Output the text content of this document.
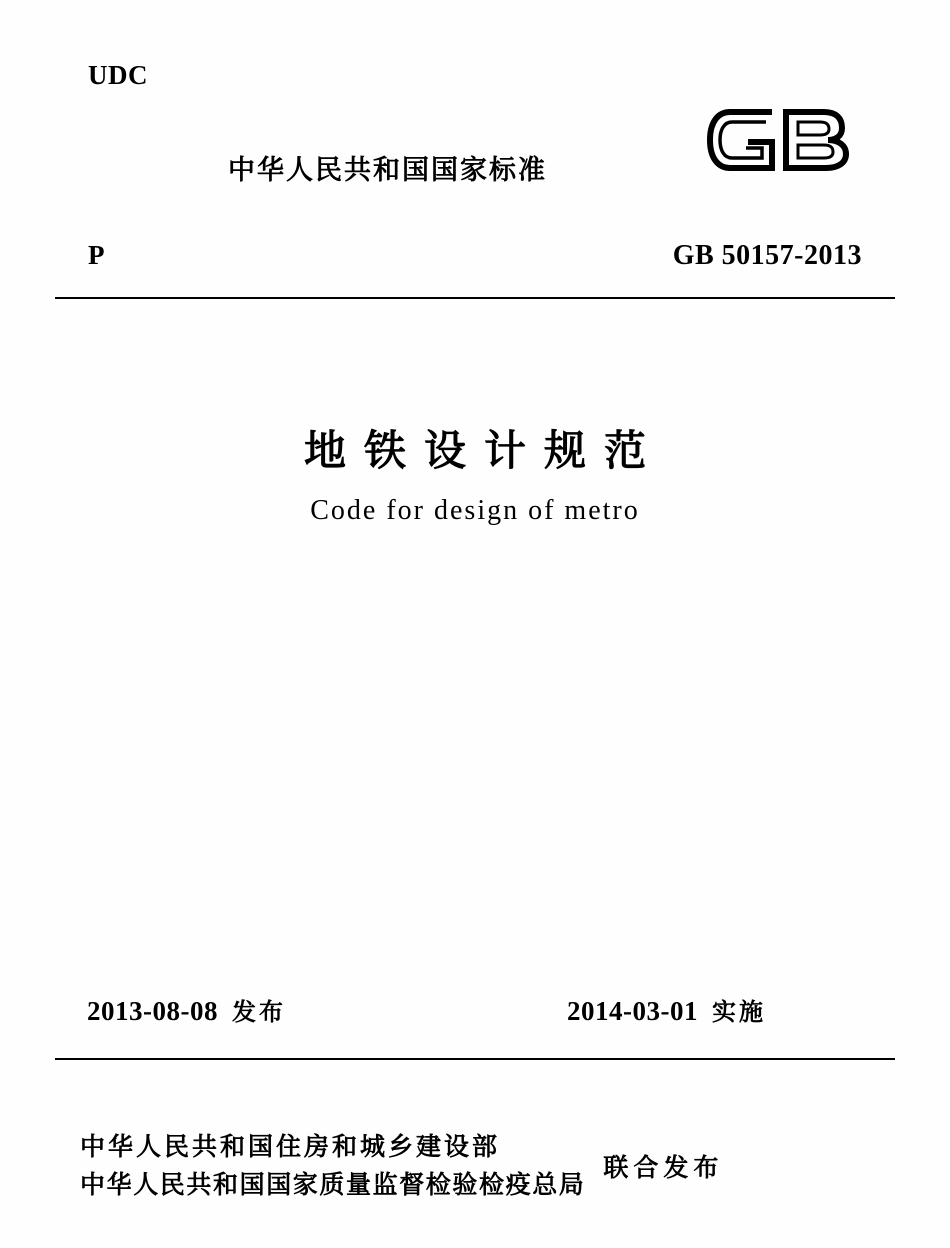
UDC
中华人民共和国国家标准
P	GB 50157-2013
地铁设计规范
Code for design of metro
2013-08-08 发布	2014-03-01 实施
中华人民共和国住房和城乡建设部
中华人民共和国国家质量监督检验检疫总局
联合发布
